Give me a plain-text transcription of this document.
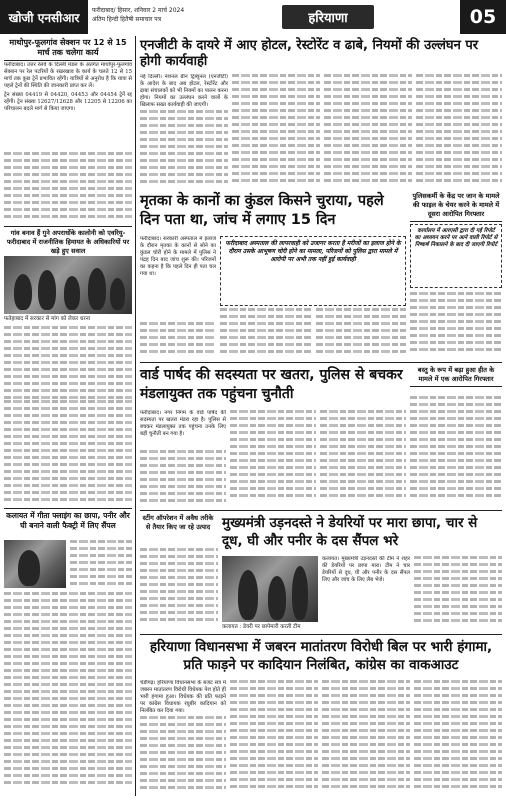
खोजी एनसीआर	फरीदाबाद/ हिसार, शनिवार 2 मार्च 2024
अंतिम हिन्दी हितैषी समाचार पत्र	हरियाणा	05
माथोपुर-फूलगांव सेक्शन पर 12 से 15 मार्च तक चलेगा कार्य

फरीदाबाद। उत्तर रेलवे के दिल्ली मंडल के अंतर्गत माथोपुर-फूलगांव सेक्शन पर रेल पटरियों के रखरखाव के कार्य के चलते 12 से 15 मार्च तक कुछ ट्रेनें प्रभावित रहेंगी। यात्रियों से अनुरोध है कि यात्रा से पहले ट्रेनों की स्थिति की जानकारी प्राप्त कर लें।

ट्रेन संख्या 04419 से 04420, 04453 और 04454 ट्रेनें रद्द रहेंगी। ट्रेन संख्या 12627/12628 और 12205 से 12206 का परिचालन बदले मार्ग से किया जाएगा।

गांव बनाव हैं गुने अपराधोंके कालोनी को एवरियु-फरीदाबाद में राजनीतिक हिमायत के अधिकारियों पर खड़े हुए सवाल
फतेहाबाद में सरकार से मांग को लेकर धरना
कलायत में गीता फ्लाइंग का छापा, पनीर और घी बनाने वाली फैक्ट्री में लिए सैंपल
एनजीटी के दायरे में आए होटल, रेस्टोरेंट व ढाबे, नियमों की उल्लंघन पर होगी कार्यवाही

नई दिल्ली। नेशनल ग्रीन ट्रिब्यूनल (एनजीटी) के आदेश के बाद अब होटल, रेस्टोरेंट और ढाबा संचालकों को भी नियमों का पालन करना होगा। नियमों का उल्लंघन करने वालों के खिलाफ सख्त कार्यवाही की जाएगी।

मृतका के कानों का कुंडल किसने चुराया, पहले दिन पता था, जांच में लगाए 15 दिन

फरीदाबाद। सरकारी अस्पताल में इलाज के दौरान मृतका के कानों से सोने का कुंडल चोरी होने के मामले में पुलिस ने पंद्रह दिन बाद जांच शुरू की। परिजनों का कहना है कि पहले दिन ही पता चल गया था।

फरीदाबाद अस्पताल की लापरवाही को उजागर करता है मरीजों का इलाज होने के दौरान उसके आभूषण चोरी होने का मामला, परिजनों को पुलिस द्वारा मामले में आरोपी पर अभी तक नहीं हुई कार्यवाही
पुलिसकर्मी के केंद्र पर जान के मामले की फाइल के चेयर करने के मामले में दूसरा आरोपित गिरफ्तार
कार्यालय में आरएसी द्वारा दी गई रिपोर्ट का अध्ययन करने पर आने वाली रिपोर्ट से निष्कर्ष निकालने के बाद दी जाएगी रिपोर्ट
वार्ड पार्षद की सदस्यता पर खतरा, पुलिस से बचकर मंडलायुक्त तक पहुंचना चुनौती

फरीदाबाद। नगर निगम के वार्ड पार्षद की सदस्यता पर खतरा मंडरा रहा है। पुलिस से बचकर मंडलायुक्त तक पहुंचना उनके लिए बड़ी चुनौती बन गया है।

बस्तु के रूप में बढ़ा हुआ हीत के मामले में एक आरोपित गिरफ्तार
स्टींग ऑपरेशन में अवैध तरीके से तैयार किए जा रहे उत्पाद मुख्यमंत्री उड़नदस्ते ने डेयरियों पर मारा छापा, चार से दूध, घी और पनीर के दस सैंपल भरे
कलायत : डेयरी पर छापेमारी करती टीम

कलायत। मुख्यमंत्री उड़नदस्ते की टीम ने शहर की डेयरियों पर छापा मारा। टीम ने चार डेयरियों से दूध, घी और पनीर के दस सैंपल लिए और जांच के लिए लैब भेजे।

हरियाणा विधानसभा में जबरन मातांतरण विरोधी बिल पर भारी हंगामा, प्रति फाड़ने पर कादियान निलंबित, कांग्रेस का वाकआउट

चंडीगढ़। हरियाणा विधानसभा के बजट सत्र में जबरन मातांतरण विरोधी विधेयक पेश होते ही भारी हंगामा हुआ। विधेयक की प्रति फाड़ने पर कांग्रेस विधायक रघुबीर कादियान को निलंबित कर दिया गया।
